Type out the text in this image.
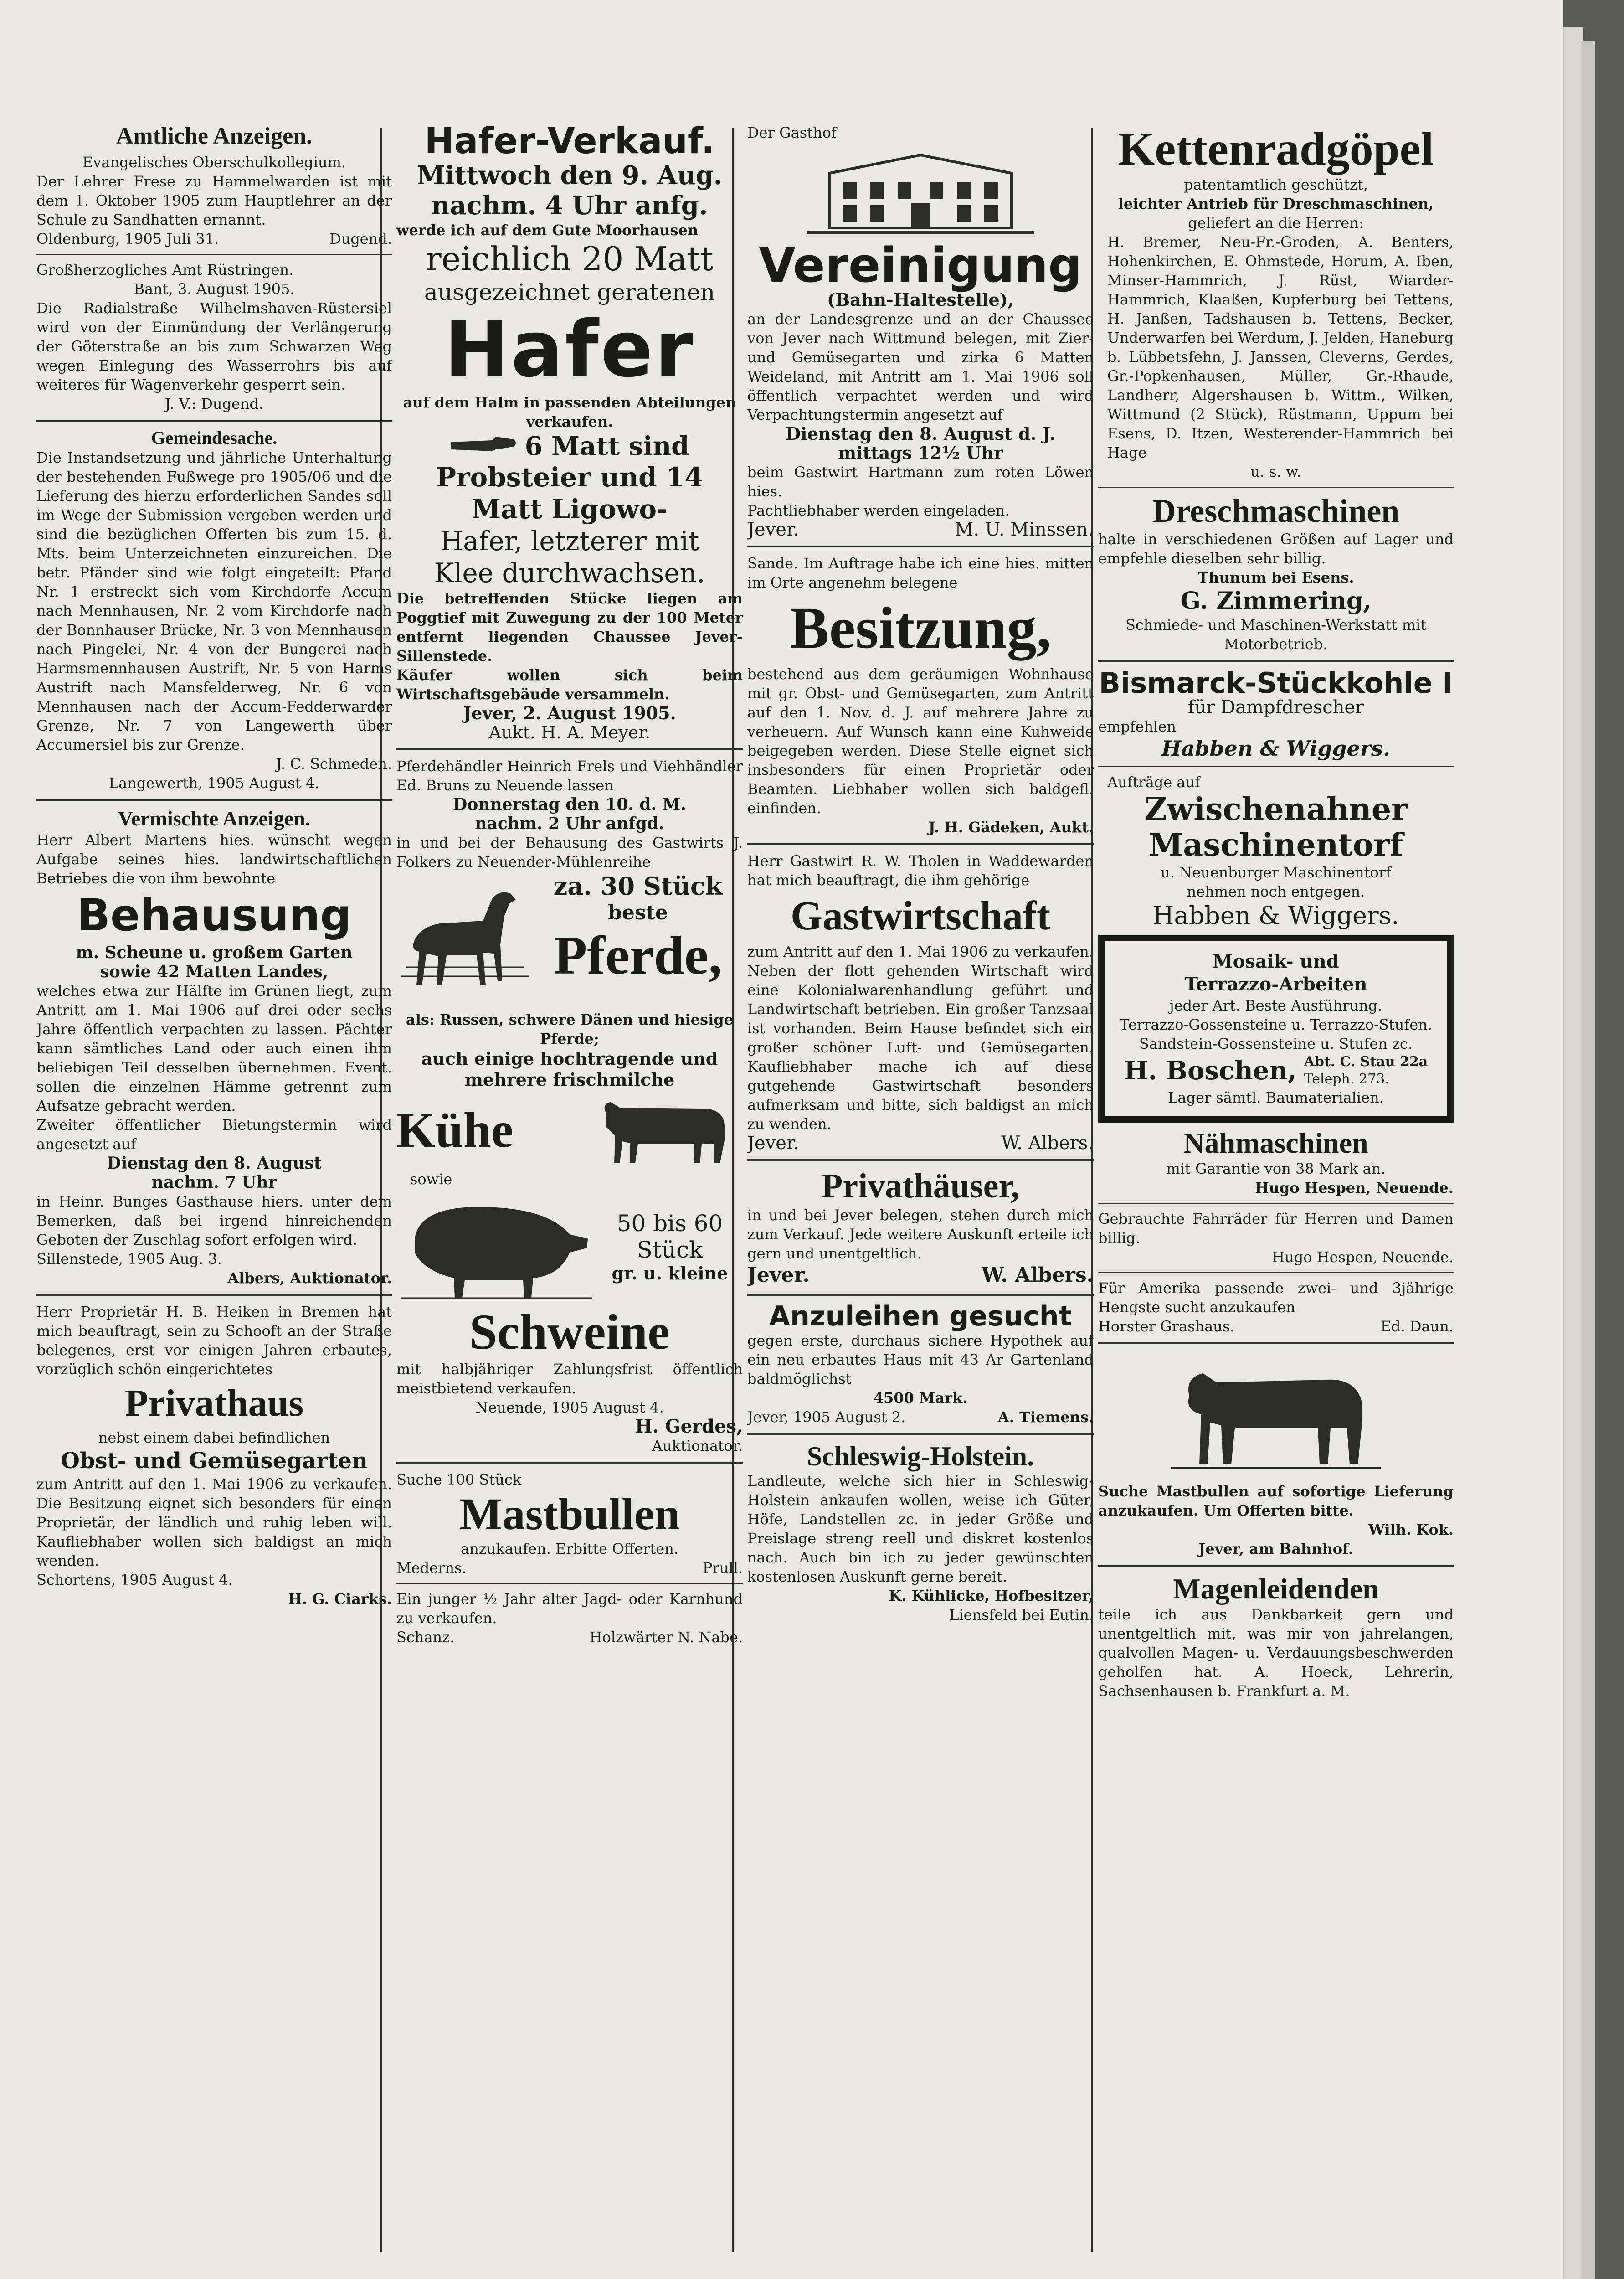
Amtliche Anzeigen.

Evangelisches Oberschulkollegium.

Der Lehrer Frese zu Hammelwarden ist mit dem 1. Oktober 1905 zum Hauptlehrer an der Schule zu Sandhatten ernannt.

Oldenburg, 1905 Juli 31.	Dugend.

Großherzogliches Amt Rüstringen.

Bant, 3. August 1905.

Die Radialstraße Wilhelmshaven-Rüstersiel wird von der Einmündung der Verlängerung der Göterstraße an bis zum Schwarzen Weg wegen Einlegung des Wasserrohrs bis auf weiteres für Wagenverkehr gesperrt sein.

J. V.: Dugend.

Gemeindesache.

Die Instandsetzung und jährliche Unterhaltung der bestehenden Fußwege pro 1905/06 und die Lieferung des hierzu erforderlichen Sandes soll im Wege der Submission vergeben werden und sind die bezüglichen Offerten bis zum 15. d. Mts. beim Unterzeichneten einzureichen. Die betr. Pfänder sind wie folgt eingeteilt: Pfand Nr. 1 erstreckt sich vom Kirchdorfe Accum nach Mennhausen, Nr. 2 vom Kirchdorfe nach der Bonnhauser Brücke, Nr. 3 von Mennhausen nach Pingelei, Nr. 4 von der Bungerei nach Harmsmennhausen Austrift, Nr. 5 von Harms Austrift nach Mansfelderweg, Nr. 6 von Mennhausen nach der Accum-Fedderwarder Grenze, Nr. 7 von Langewerth über Accumersiel bis zur Grenze.

J. C. Schmeden.

Langewerth, 1905 August 4.

Vermischte Anzeigen.

Herr Albert Martens hies. wünscht wegen Aufgabe seines hies. landwirtschaftlichen Betriebes die von ihm bewohnte

Behausung

m. Scheune u. großem Garten

sowie 42 Matten Landes,

welches etwa zur Hälfte im Grünen liegt, zum Antritt am 1. Mai 1906 auf drei oder sechs Jahre öffentlich verpachten zu lassen. Pächter kann sämtliches Land oder auch einen ihm beliebigen Teil desselben übernehmen. Event. sollen die einzelnen Hämme getrennt zum Aufsatze gebracht werden.

Zweiter öffentlicher Bietungstermin wird angesetzt auf

Dienstag den 8. August

nachm. 7 Uhr

in Heinr. Bunges Gasthause hiers. unter dem Bemerken, daß bei irgend hinreichenden Geboten der Zuschlag sofort erfolgen wird.

Sillenstede, 1905 Aug. 3.

Albers, Auktionator.

Herr Proprietär H. B. Heiken in Bremen hat mich beauftragt, sein zu Schooft an der Straße belegenes, erst vor einigen Jahren erbautes, vorzüglich schön eingerichtetes

Privathaus

nebst einem dabei befindlichen

Obst- und Gemüsegarten

zum Antritt auf den 1. Mai 1906 zu verkaufen. Die Besitzung eignet sich besonders für einen Proprietär, der ländlich und ruhig leben will. Kaufliebhaber wollen sich baldigst an mich wenden.

Schortens, 1905 August 4.

H. G. Ciarks.

Hafer-Verkauf.

Mittwoch den 9. Aug.

nachm. 4 Uhr anfg.

werde ich auf dem Gute Moorhausen

reichlich 20 Matt

ausgezeichnet geratenen

Hafer

auf dem Halm in passenden Abteilungen verkaufen.

6 Matt sind

Probsteier und 14

Matt Ligowo-

Hafer, letzterer mit

Klee durchwachsen.

Die betreffenden Stücke liegen am Poggtief mit Zuwegung zu der 100 Meter entfernt liegenden Chaussee Jever-Sillenstede.

Käufer wollen sich beim Wirtschaftsgebäude versammeln.

Jever, 2. August 1905.

Aukt. H. A. Meyer.

Pferdehändler Heinrich Frels und Viehhändler Ed. Bruns zu Neuende lassen

Donnerstag den 10. d. M.

nachm. 2 Uhr anfgd.

in und bei der Behausung des Gastwirts J. Folkers zu Neuender-Mühlenreihe

za. 30 Stück

beste

Pferde,

als: Russen, schwere Dänen und hiesige Pferde;

auch einige hochtragende und mehrere frischmilche

Kühe

sowie

50 bis 60

Stück

gr. u. kleine

Schweine

mit halbjähriger Zahlungsfrist öffentlich meistbietend verkaufen.

Neuende, 1905 August 4.

H. Gerdes,

Auktionator.

Suche 100 Stück

Mastbullen

anzukaufen. Erbitte Offerten.

Mederns.	Prull.

Ein junger ½ Jahr alter Jagd- oder Karnhund zu verkaufen.

Schanz.	Holzwärter N. Nabe.

Der Gasthof

Vereinigung

(Bahn-Haltestelle),

an der Landesgrenze und an der Chaussee von Jever nach Wittmund belegen, mit Zier- und Gemüsegarten und zirka 6 Matten Weideland, mit Antritt am 1. Mai 1906 soll öffentlich verpachtet werden und wird Verpachtungstermin angesetzt auf

Dienstag den 8. August d. J.

mittags 12½ Uhr

beim Gastwirt Hartmann zum roten Löwen hies.

Pachtliebhaber werden eingeladen.

Jever.	M. U. Minssen.

Sande. Im Auftrage habe ich eine hies. mitten im Orte angenehm belegene

Besitzung,

bestehend aus dem geräumigen Wohnhause mit gr. Obst- und Gemüsegarten, zum Antritt auf den 1. Nov. d. J. auf mehrere Jahre zu verheuern. Auf Wunsch kann eine Kuhweide beigegeben werden. Diese Stelle eignet sich insbesonders für einen Proprietär oder Beamten. Liebhaber wollen sich baldgefl. einfinden.

J. H. Gädeken, Aukt.

Herr Gastwirt R. W. Tholen in Waddewarden hat mich beauftragt, die ihm gehörige

Gastwirtschaft

zum Antritt auf den 1. Mai 1906 zu verkaufen. Neben der flott gehenden Wirtschaft wird eine Kolonialwarenhandlung geführt und Landwirtschaft betrieben. Ein großer Tanzsaal ist vorhanden. Beim Hause befindet sich ein großer schöner Luft- und Gemüsegarten. Kaufliebhaber mache ich auf diese gutgehende Gastwirtschaft besonders aufmerksam und bitte, sich baldigst an mich zu wenden.

Jever.	W. Albers.
Privathäuser,

in und bei Jever belegen, stehen durch mich zum Verkauf. Jede weitere Auskunft erteile ich gern und unentgeltlich.

Jever.	W. Albers.
Anzuleihen gesucht

gegen erste, durchaus sichere Hypothek auf ein neu erbautes Haus mit 43 Ar Gartenland baldmöglichst

4500 Mark.

Jever, 1905 August 2.	A. Tiemens.
Schleswig-Holstein.

Landleute, welche sich hier in Schleswig-Holstein ankaufen wollen, weise ich Güter, Höfe, Landstellen zc. in jeder Größe und Preislage streng reell und diskret kostenlos nach. Auch bin ich zu jeder gewünschten kostenlosen Auskunft gerne bereit.

K. Kühlicke, Hofbesitzer,

Liensfeld bei Eutin.

Kettenradgöpel

patentamtlich geschützt,

leichter Antrieb für Dreschmaschinen,

geliefert an die Herren:

H. Bremer, Neu-Fr.-Groden, A. Benters, Hohenkirchen, E. Ohmstede, Horum, A. Iben, Minser-Hammrich, J. Rüst, Wiarder-Hammrich, Klaaßen, Kupferburg bei Tettens, H. Janßen, Tadshausen b. Tettens, Becker, Underwarfen bei Werdum, J. Jelden, Haneburg b. Lübbetsfehn, J. Janssen, Cleverns, Gerdes, Gr.-Popkenhausen, Müller, Gr.-Rhaude, Landherr, Algershausen b. Wittm., Wilken, Wittmund (2 Stück), Rüstmann, Uppum bei Esens, D. Itzen, Westerender-Hammrich bei Hage

u. s. w.

Dreschmaschinen

halte in verschiedenen Größen auf Lager und empfehle dieselben sehr billig.

Thunum bei Esens.

G. Zimmering,

Schmiede- und Maschinen-Werkstatt mit Motorbetrieb.

Bismarck-Stückkohle I

für Dampfdrescher

empfehlen

Habben & Wiggers.

Aufträge auf

Zwischenahner

Maschinentorf

u. Neuenburger Maschinentorf

nehmen noch entgegen.

Habben & Wiggers.

Mosaik- und

Terrazzo-Arbeiten

jeder Art. Beste Ausführung.

Terrazzo-Gossensteine u. Terrazzo-Stufen. Sandstein-Gossensteine u. Stufen zc.

H. Boschen, Abt. C. Stau 22a
Teleph. 273.

Lager sämtl. Baumaterialien.

Nähmaschinen

mit Garantie von 38 Mark an.

Hugo Hespen, Neuende.

Gebrauchte Fahrräder für Herren und Damen billig.

Hugo Hespen, Neuende.

Für Amerika passende zwei- und 3jährige Hengste sucht anzukaufen

Horster Grashaus.	Ed. Daun.

Suche Mastbullen auf sofortige Lieferung anzukaufen. Um Offerten bitte.

Wilh. Kok.

Jever, am Bahnhof.

Magenleidenden

teile ich aus Dankbarkeit gern und unentgeltlich mit, was mir von jahrelangen, qualvollen Magen- u. Verdauungsbeschwerden geholfen hat. A. Hoeck, Lehrerin, Sachsenhausen b. Frankfurt a. M.
